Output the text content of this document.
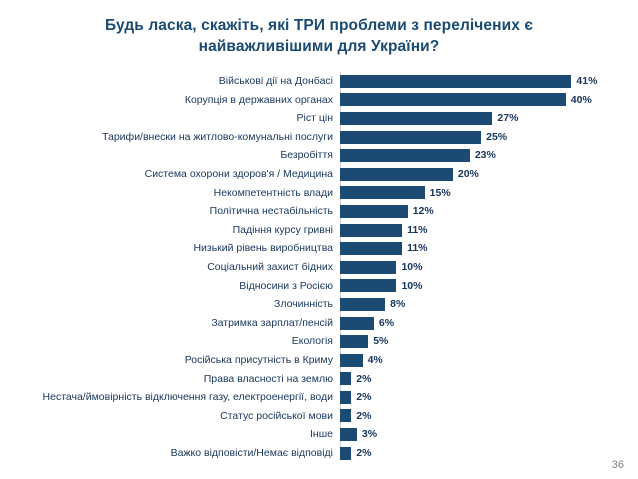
Будь ласка, скажіть, які ТРИ проблеми з перелічених є найважливішими для України?
Військові дії на Донбасі	41%
Корупція в державних органах	40%
Ріст цін	27%
Тарифи/внески на житлово-комунальні послуги	25%
Безробіття	23%
Система охорони здоров'я / Медицина	20%
Некомпетентність влади	15%
Політична нестабільність	12%
Падіння курсу гривні	11%
Низький рівень виробництва	11%
Соціальний захист бідних	10%
Відносини з Росією	10%
Злочинність	8%
Затримка зарплат/пенсій	6%
Екологія	5%
Російська присутність в Криму	4%
Права власності на землю	2%
Нестача/ймовірність відключення газу, електроенергії, води	2%
Статус російської мови	2%
Інше	3%
Важко відповісти/Немає відповіді	2%
36
